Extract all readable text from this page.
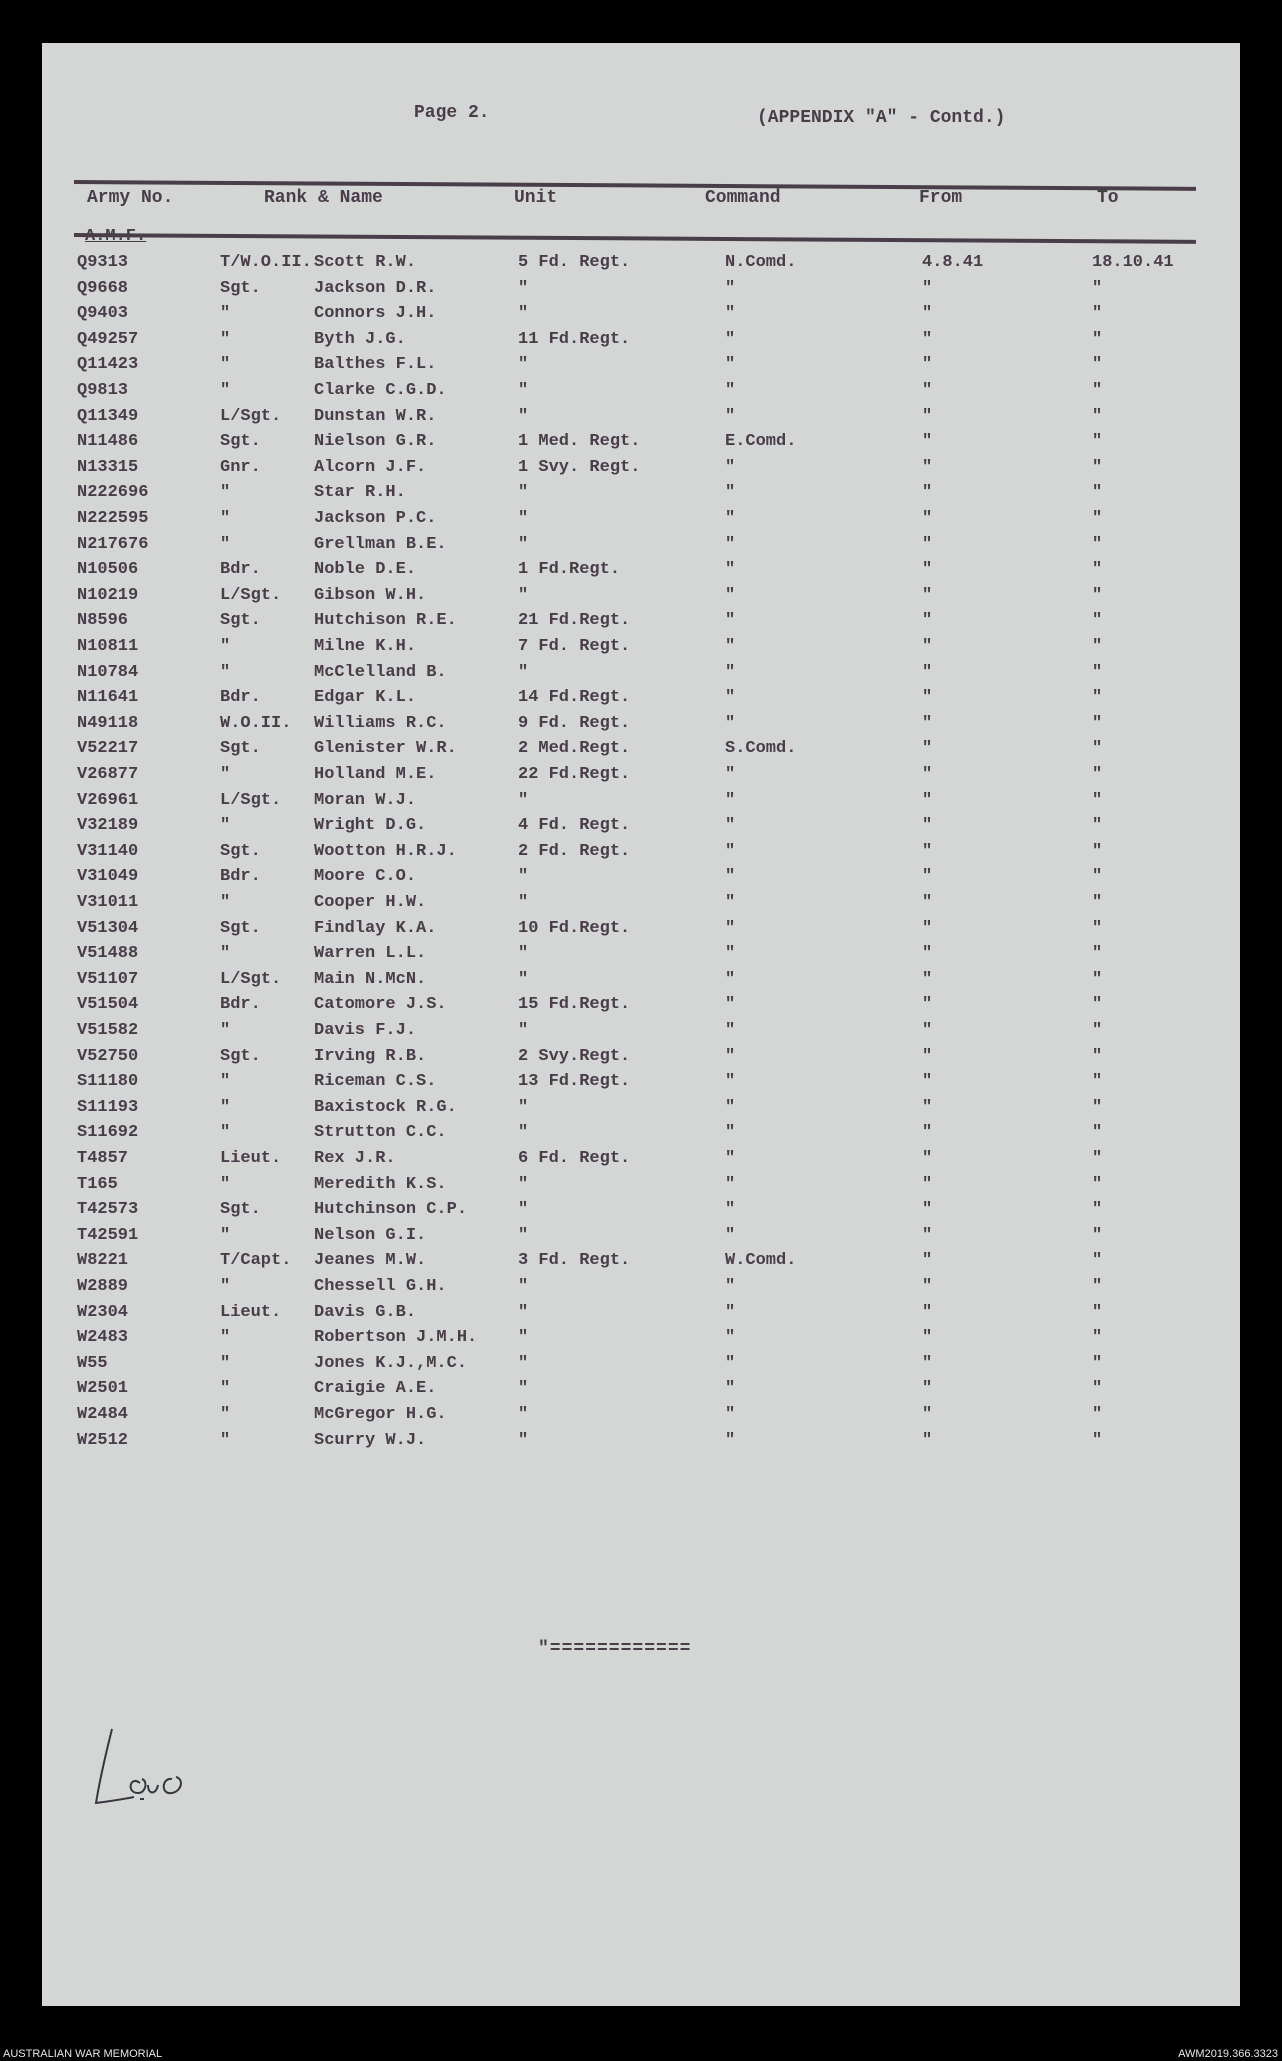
Page 2.	(APPENDIX "A" - Contd.)
Army No.	Rank & Name	Unit	Command	From	To
A.M.F.
Q9313	T/W.O.II. Scott R.W.	5 Fd. Regt.	N.Comd.	4.8.41	18.10.41
Q9668	Sgt.	Jackson D.R.	"	"	"	"
Q9403	"	Connors J.H.	"	"	"	"
Q49257	"	Byth J.G.	11 Fd.Regt.	"	"	"
Q11423	"	Balthes F.L.	"	"	"	"
Q9813	"	Clarke C.G.D.	"	"	"	"
Q11349	L/Sgt. Dunstan W.R.	"	"	"	"
N11486	Sgt.	Nielson G.R.	1 Med. Regt.	E.Comd.	"	"
N13315	Gnr.	Alcorn J.F.	1 Svy. Regt.	"	"	"
N222696	"	Star R.H.	"	"	"	"
N222595	"	Jackson P.C.	"	"	"	"
N217676	"	Grellman B.E.	"	"	"	"
N10506	Bdr.	Noble D.E.	1 Fd.Regt.	"	"	"
N10219	L/Sgt. Gibson W.H.	"	"	"	"
N8596	Sgt.	Hutchison R.E.	21 Fd.Regt.	"	"	"
N10811	"	Milne K.H.	7 Fd. Regt.	"	"	"
N10784	"	McClelland B.	"	"	"	"
N11641	Bdr.	Edgar K.L.	14 Fd.Regt.	"	"	"
N49118	W.O.II. Williams R.C.	9 Fd. Regt.	"	"	"
V52217	Sgt.	Glenister W.R.	2 Med.Regt.	S.Comd.	"	"
V26877	"	Holland M.E.	22 Fd.Regt.	"	"	"
V26961	L/Sgt. Moran W.J.	"	"	"	"
V32189	"	Wright D.G.	4 Fd. Regt.	"	"	"
V31140	Sgt.	Wootton H.R.J.	2 Fd. Regt.	"	"	"
V31049	Bdr.	Moore C.O.	"	"	"	"
V31011	"	Cooper H.W.	"	"	"	"
V51304	Sgt.	Findlay K.A.	10 Fd.Regt.	"	"	"
V51488	"	Warren L.L.	"	"	"	"
V51107	L/Sgt. Main N.McN.	"	"	"	"
V51504	Bdr.	Catomore J.S.	15 Fd.Regt.	"	"	"
V51582	"	Davis F.J.	"	"	"	"
V52750	Sgt.	Irving R.B.	2 Svy.Regt.	"	"	"
S11180	"	Riceman C.S.	13 Fd.Regt.	"	"	"
S11193	"	Baxistock R.G.	"	"	"	"
S11692	"	Strutton C.C.	"	"	"	"
T4857	Lieut. Rex J.R.	6 Fd. Regt.	"	"	"
T165	"	Meredith K.S.	"	"	"	"
T42573	Sgt.	Hutchinson C.P.	"	"	"	"
T42591	"	Nelson G.I.	"	"	"	"
W8221	T/Capt. Jeanes M.W.	3 Fd. Regt.	W.Comd.	"	"
W2889	"	Chessell G.H.	"	"	"	"
W2304	Lieut. Davis G.B.	"	"	"	"
W2483	"	Robertson J.M.H. "	"	"	"
W55	"	Jones K.J.,M.C.	"	"	"	"
W2501	"	Craigie A.E.	"	"	"	"
W2484	"	McGregor H.G.	"	"	"	"
W2512	"	Scurry W.J.	"	"	"	"
"============
AUSTRALIAN WAR MEMORIAL	AWM2019.366.3323
